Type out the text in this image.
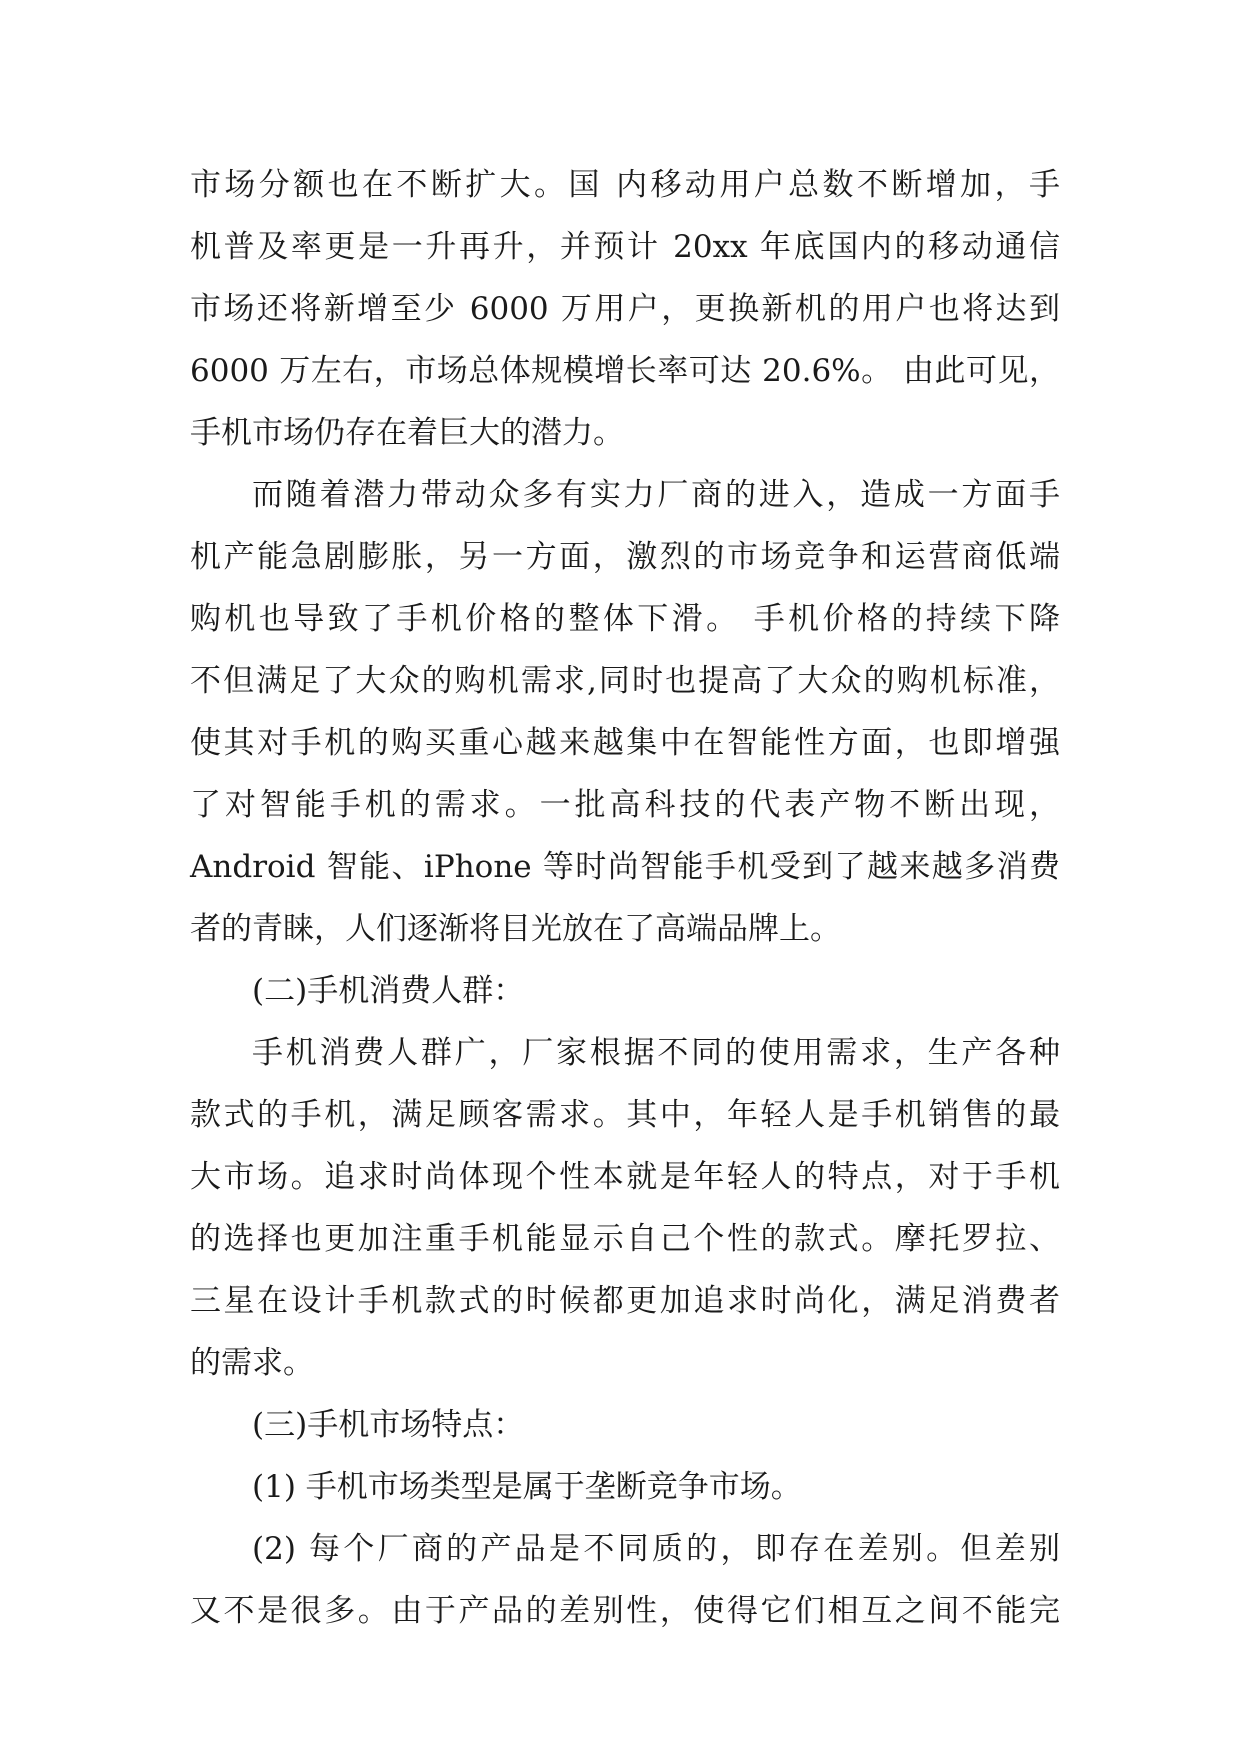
市场分额也在不断扩大。国 内移动用户总数不断增加，手
机普及率更是一升再升，并预计 20xx 年底国内的移动通信
市场还将新增至少 6000 万用户，更换新机的用户也将达到
6000 万左右，市场总体规模增长率可达 20.6%。 由此可见，
手机市场仍存在着巨大的潜力。
而随着潜力带动众多有实力厂商的进入，造成一方面手
机产能急剧膨胀，另一方面，激烈的市场竞争和运营商低端
购机也导致了手机价格的整体下滑。 手机价格的持续下降
不但满足了大众的购机需求,同时也提高了大众的购机标准，
使其对手机的购买重心越来越集中在智能性方面，也即增强
了对智能手机的需求。一批高科技的代表产物不断出现，
Android 智能、iPhone 等时尚智能手机受到了越来越多消费
者的青睐，人们逐渐将目光放在了高端品牌上。
(二)手机消费人群：
手机消费人群广，厂家根据不同的使用需求，生产各种
款式的手机，满足顾客需求。其中，年轻人是手机销售的最
大市场。追求时尚体现个性本就是年轻人的特点，对于手机
的选择也更加注重手机能显示自己个性的款式。摩托罗拉、
三星在设计手机款式的时候都更加追求时尚化，满足消费者
的需求。
(三)手机市场特点：
(1) 手机市场类型是属于垄断竞争市场。
(2) 每个厂商的产品是不同质的，即存在差别。但差别
又不是很多。由于产品的差别性，使得它们相互之间不能完
